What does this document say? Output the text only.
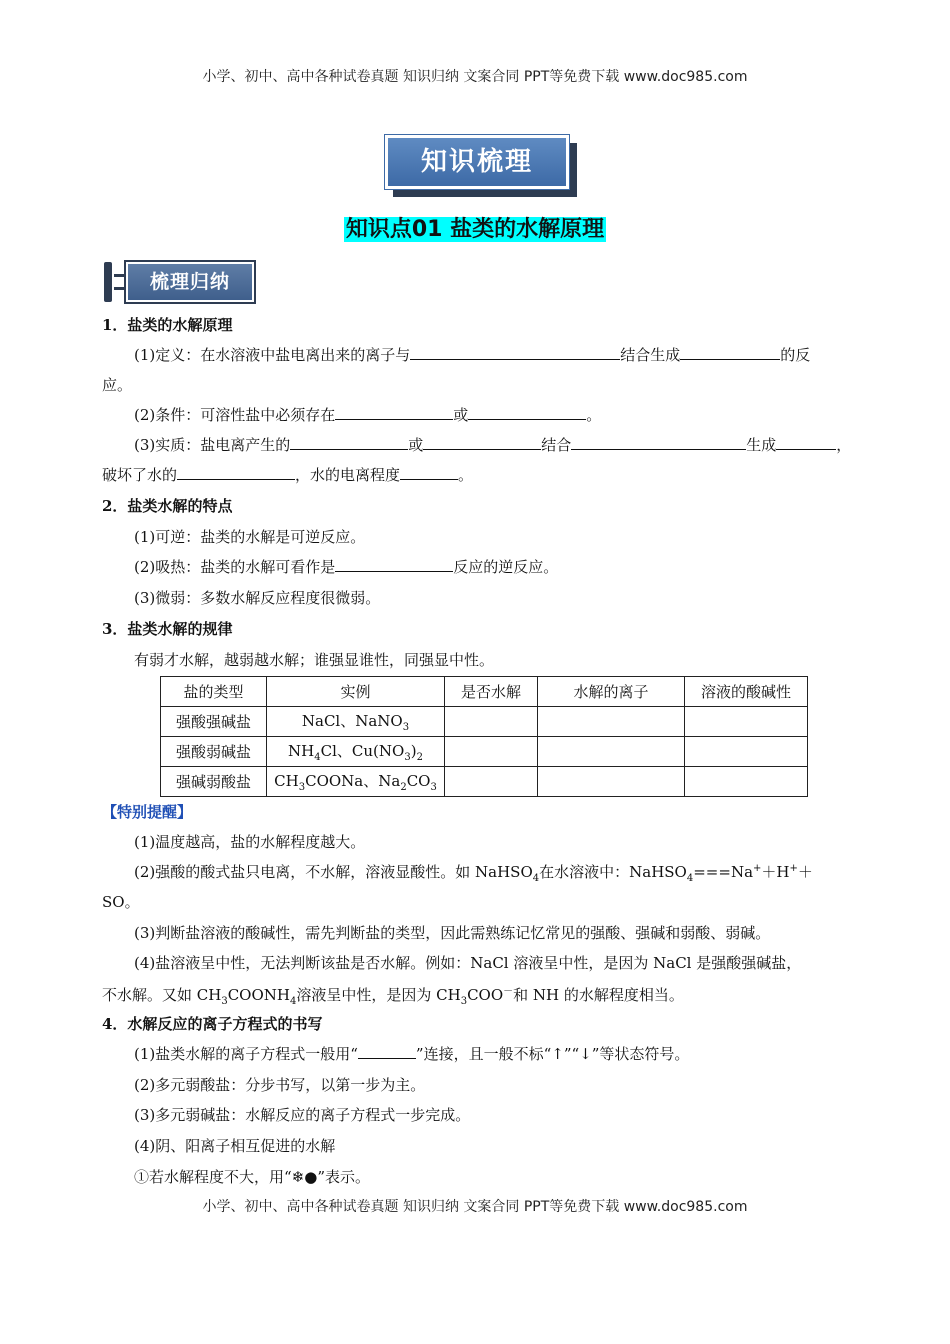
小学、初中、高中各种试卷真题 知识归纳 文案合同 PPT等免费下载 www.doc985.com
知识梳理
知识点01 盐类的水解原理
梳理归纳
1．盐类的水解原理
(1)定义：在水溶液中盐电离出来的离子与	结合生成	的反
应。
(2)条件：可溶性盐中必须存在	或	。
(3)实质：盐电离产生的	或	结合	生成	，
破坏了水的	，水的电离程度	。
2．盐类水解的特点
(1)可逆：盐类的水解是可逆反应。
(2)吸热：盐类的水解可看作是	反应的逆反应。
(3)微弱：多数水解反应程度很微弱。
3．盐类水解的规律
有弱才水解，越弱越水解；谁强显谁性，同强显中性。
盐的类型	实例	是否水解	水解的离子	溶液的酸碱性
强酸强碱盐	NaCl、NaNO$_3$			
强酸弱碱盐	$NH_4Cl$、$Cu(NO_3)_2$			
强碱弱酸盐	$CH_3COONa$、$Na_2CO_3$			
【特别提醒】
(1)温度越高，盐的水解程度越大。
(2)强酸的酸式盐只电离，不水解，溶液显酸性。如 NaHSO$_4$在水溶液中：NaHSO$_4$===Na+＋H+＋
SO。
(3)判断盐溶液的酸碱性，需先判断盐的类型，因此需熟练记忆常见的强酸、强碱和弱酸、弱碱。
(4)盐溶液呈中性，无法判断该盐是否水解。例如：NaCl 溶液呈中性，是因为 NaCl 是强酸强碱盐，
不水解。又如 $CH_3COONH_4$溶液呈中性，是因为 $CH_3COO^-$和 NH 的水解程度相当。
4．水解反应的离子方程式的书写
(1)盐类水解的离子方程式一般用“	”连接，且一般不标“↑”“↓”等状态符号。
(2)多元弱酸盐：分步书写，以第一步为主。
(3)多元弱碱盐：水解反应的离子方程式一步完成。
(4)阴、阳离子相互促进的水解
①若水解程度不大，用“❄●”表示。
小学、初中、高中各种试卷真题 知识归纳 文案合同 PPT等免费下载 www.doc985.com
